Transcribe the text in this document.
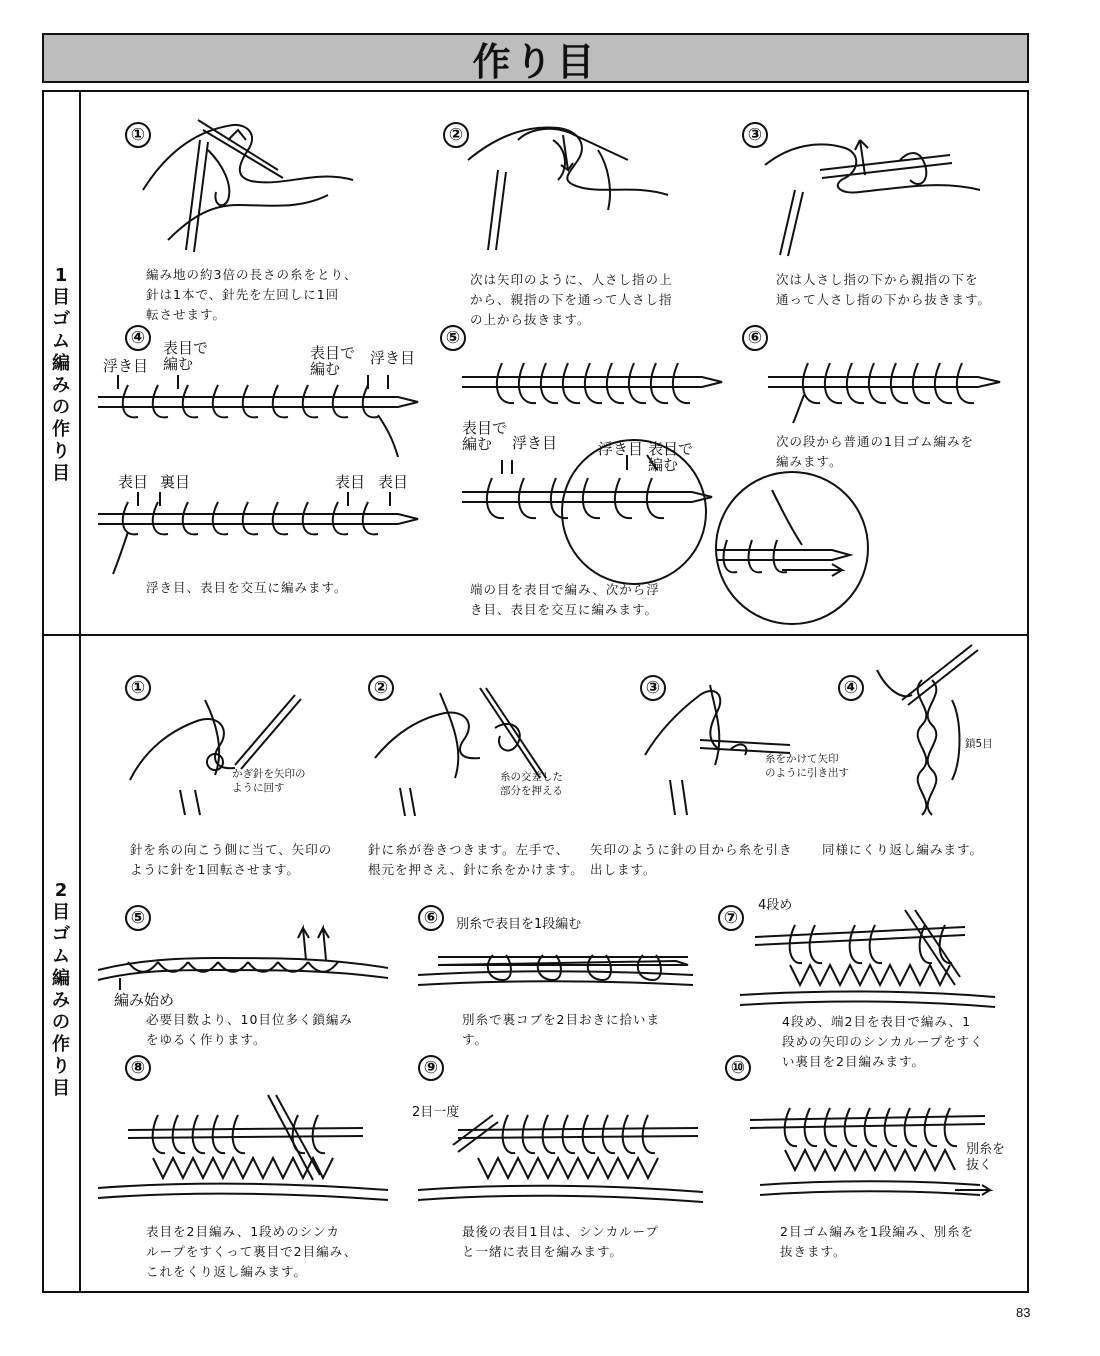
作り目
1
目
ゴ
ム
編
み
の
作
り
目
2
目
ゴ
ム
編
み
の
作
り
目
①
編み地の約3倍の長さの糸をとり、
針は1本で、針先を左回しに1回
転させます。
②
次は矢印のように、人さし指の上
から、親指の下を通って人さし指
の上から抜きます。
③
次は人さし指の下から親指の下を
通って人さし指の下から抜きます。
④
浮き目
表目で
編む
表目で
編む
浮き目
表目 裏目	表目 表目
浮き目、表目を交互に編みます。
⑤
表目で
編む	浮き目	浮き目 表目で
編む
端の目を表目で編み、次から浮
き目、表目を交互に編みます。
⑥
次の段から普通の1目ゴム編みを
編みます。
①
かぎ針を矢印の
ように回す
針を糸の向こう側に当て、矢印の
ように針を1回転させます。
②
糸の交差した
部分を押える
針に糸が巻きつきます。左手で、
根元を押さえ、針に糸をかけます。
③
糸をかけて矢印
のように引き出す
矢印のように針の目から糸を引き
出します。
④
鎖5目
同様にくり返し編みます。
⑤
編み始め
必要目数より、10目位多く鎖編み
をゆるく作ります。
⑥	別糸で表目を1段編む
別糸で裏コブを2目おきに拾いま
す。
⑦
4段め
4段め、端2目を表目で編み、1
段めの矢印のシンカループをすく
い裏目を2目編みます。
⑧
表目を2目編み、1段めのシンカ
ループをすくって裏目で2目編み、
これをくり返し編みます。
⑨
2目一度
最後の表目1目は、シンカループ
と一緒に表目を編みます。
⑩
別糸を
抜く
2目ゴム編みを1段編み、別糸を
抜きます。
83
